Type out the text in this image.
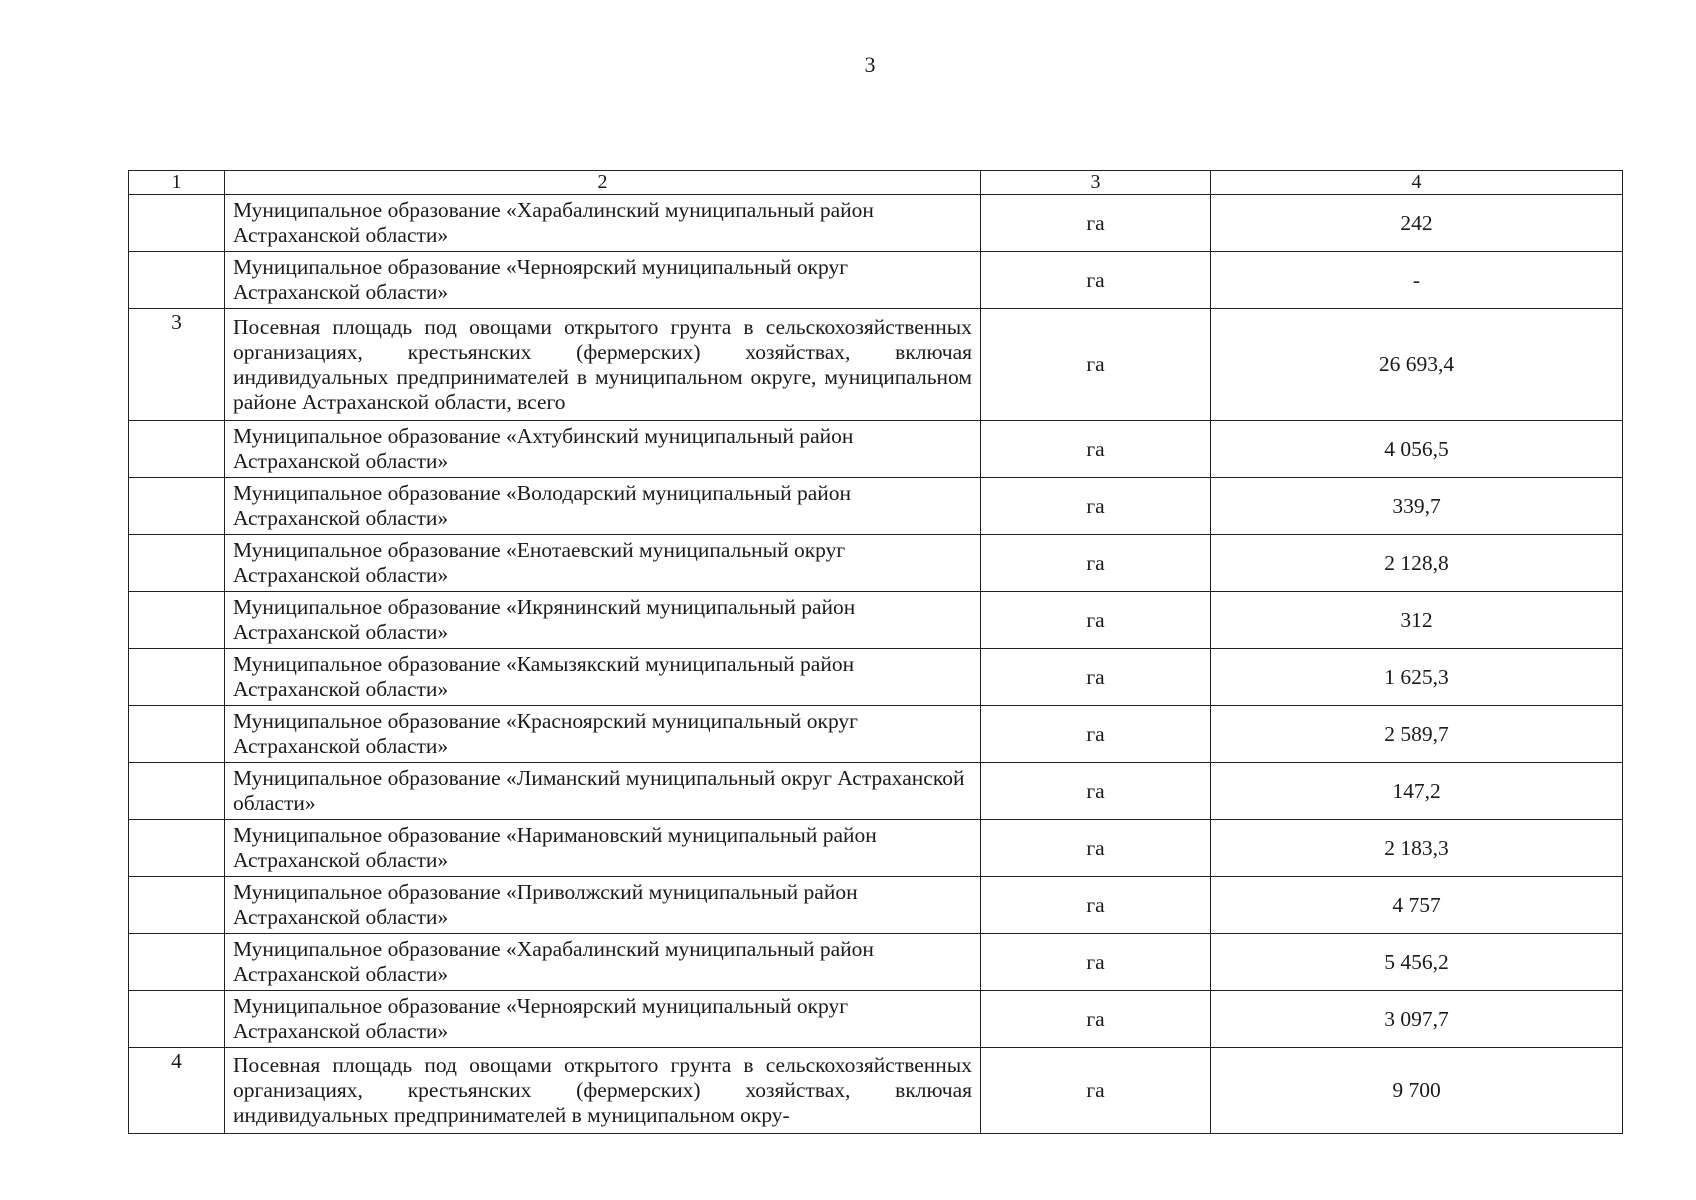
3
1	2	3	4
	Муниципальное образование «Харабалинский муниципальный район Астраханской области»	га	242
	Муниципальное образование «Черноярский муниципальный округ Астраханской области»	га	-
3	Посевная площадь под овощами открытого грунта в сельскохозяйственных организациях, крестьянских (фермерских) хозяйствах, включая индивидуальных предпринимателей в муниципальном округе, муниципальном районе Астраханской области, всего	га	26 693,4
	Муниципальное образование «Ахтубинский муниципальный район Астраханской области»	га	4 056,5
	Муниципальное образование «Володарский муниципальный район Астраханской области»	га	339,7
	Муниципальное образование «Енотаевский муниципальный округ Астраханской области»	га	2 128,8
	Муниципальное образование «Икрянинский муниципальный район Астраханской области»	га	312
	Муниципальное образование «Камызякский муниципальный район Астраханской области»	га	1 625,3
	Муниципальное образование «Красноярский муниципальный округ Астраханской области»	га	2 589,7
	Муниципальное образование «Лиманский муниципальный округ Астраханской области»	га	147,2
	Муниципальное образование «Наримановский муниципальный район Астраханской области»	га	2 183,3
	Муниципальное образование «Приволжский муниципальный район Астраханской области»	га	4 757
	Муниципальное образование «Харабалинский муниципальный район Астраханской области»	га	5 456,2
	Муниципальное образование «Черноярский муниципальный округ Астраханской области»	га	3 097,7
4	Посевная площадь под овощами открытого грунта в сельскохозяйственных организациях, крестьянских (фермерских) хозяйствах, включая индивидуальных предпринимателей в муниципальном окру-	га	9 700
